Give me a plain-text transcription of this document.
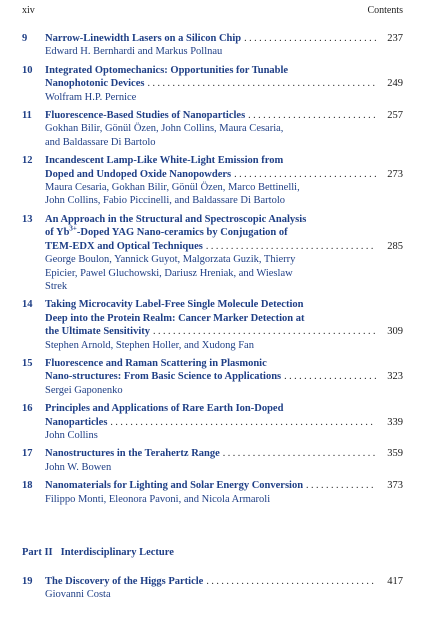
xiv	Contents
9	Narrow-Linewidth Lasers on a Silicon Chip . . .	237
Edward H. Bernhardi and Markus Pollnau
10	Integrated Optomechanics: Opportunities for Tunable
Nanophotonic Devices . . .	249
Wolfram H.P. Pernice
11	Fluorescence-Based Studies of Nanoparticles . . .	257
Gokhan Bilir, Gönül Özen, John Collins, Maura Cesaria,
and Baldassare Di Bartolo
12	Incandescent Lamp-Like White-Light Emission from
Doped and Undoped Oxide Nanopowders . . .	273
Maura Cesaria, Gokhan Bilir, Gönül Özen, Marco Bettinelli,
John Collins, Fabio Piccinelli, and Baldassare Di Bartolo
13	An Approach in the Structural and Spectroscopic Analysis
of $Yb^{3+}$-Doped YAG Nano-ceramics by Conjugation of
TEM-EDX and Optical Techniques . . .	285
George Boulon, Yannick Guyot, Malgorzata Guzik, Thierry
Epicier, Pawel Gluchowski, Dariusz Hreniak, and Wieslaw
Strek
14	Taking Microcavity Label-Free Single Molecule Detection
Deep into the Protein Realm: Cancer Marker Detection at
the Ultimate Sensitivity . . .	309
Stephen Arnold, Stephen Holler, and Xudong Fan
15	Fluorescence and Raman Scattering in Plasmonic
Nano-structures: From Basic Science to Applications . . .	323
Sergei Gaponenko
16	Principles and Applications of Rare Earth Ion-Doped
Nanoparticles . . .	339
John Collins
17	Nanostructures in the Terahertz Range . . .	359
John W. Bowen
18	Nanomaterials for Lighting and Solar Energy Conversion . . .	373
Filippo Monti, Eleonora Pavoni, and Nicola Armaroli
Part II Interdisciplinary Lecture
19	The Discovery of the Higgs Particle . . .	417
Giovanni Costa
